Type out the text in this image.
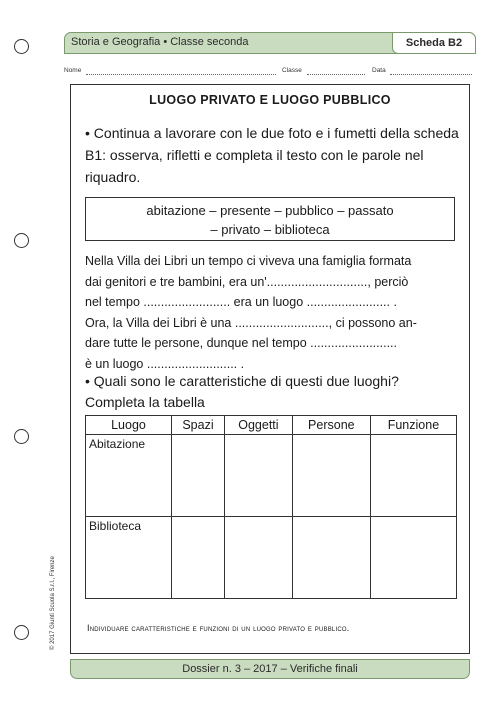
Storia e Geografia • Classe seconda	Scheda B2
Nome	Classe	Data
LUOGO PRIVATO E LUOGO PUBBLICO
• Continua a lavorare con le due foto e i fumetti della scheda B1: osserva, rifletti e completa il testo con le parole nel riquadro.
abitazione – presente – pubblico – passato
– privato – biblioteca
Nella Villa dei Libri un tempo ci viveva una famiglia formata
dai genitori e tre bambini, era un'............................., perciò
nel tempo ......................... era un luogo ........................ .
Ora, la Villa dei Libri è una ..........................., ci possono an-
dare tutte le persone, dunque nel tempo .........................
è un luogo .......................... .
• Quali sono le caratteristiche di questi due luoghi?
Completa la tabella
Luogo	Spazi	Oggetti	Persone	Funzione
Abitazione				
Biblioteca				
Individuare caratteristiche e funzioni di un luogo privato e pubblico.
© 2017 Giunti Scuola S.r.l., Firenze
Dossier n. 3 – 2017 – Verifiche finali
